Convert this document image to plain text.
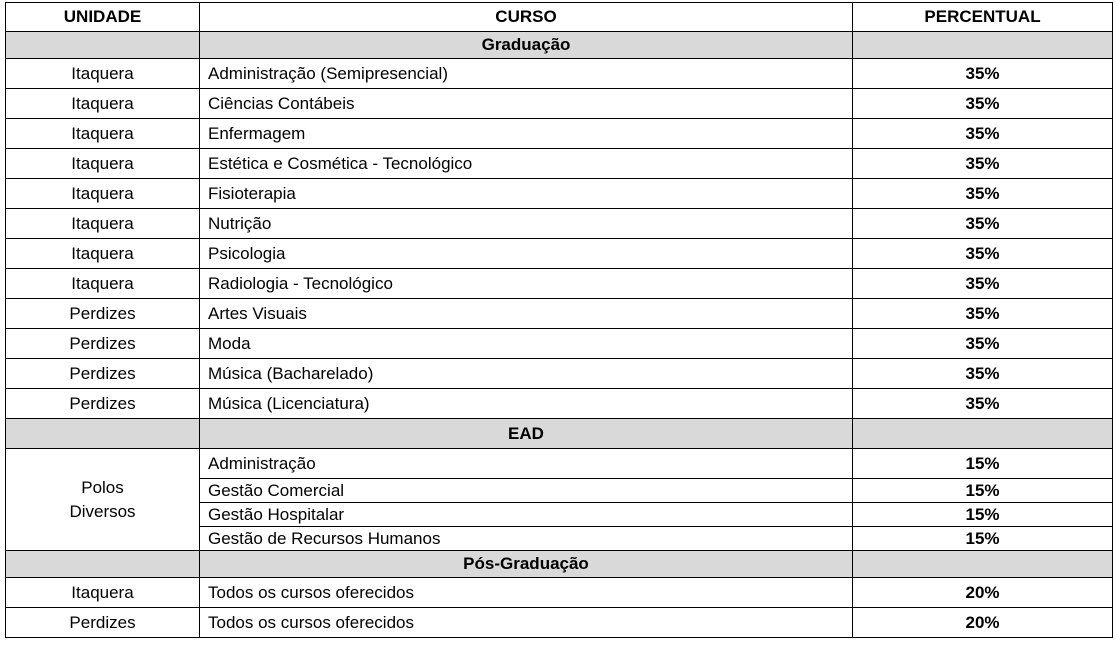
UNIDADE	CURSO	PERCENTUAL
	Graduação	
Itaquera	Administração (Semipresencial)	35%
Itaquera	Ciências Contábeis	35%
Itaquera	Enfermagem	35%
Itaquera	Estética e Cosmética - Tecnológico	35%
Itaquera	Fisioterapia	35%
Itaquera	Nutrição	35%
Itaquera	Psicologia	35%
Itaquera	Radiologia - Tecnológico	35%
Perdizes	Artes Visuais	35%
Perdizes	Moda	35%
Perdizes	Música (Bacharelado)	35%
Perdizes	Música (Licenciatura)	35%
	EAD	

Polos
Diversos	Administração	15%
	Gestão Comercial	15%
	Gestão Hospitalar	15%
	Gestão de Recursos Humanos	15%
	Pós-Graduação	
Itaquera	Todos os cursos oferecidos	20%
Perdizes	Todos os cursos oferecidos	20%
